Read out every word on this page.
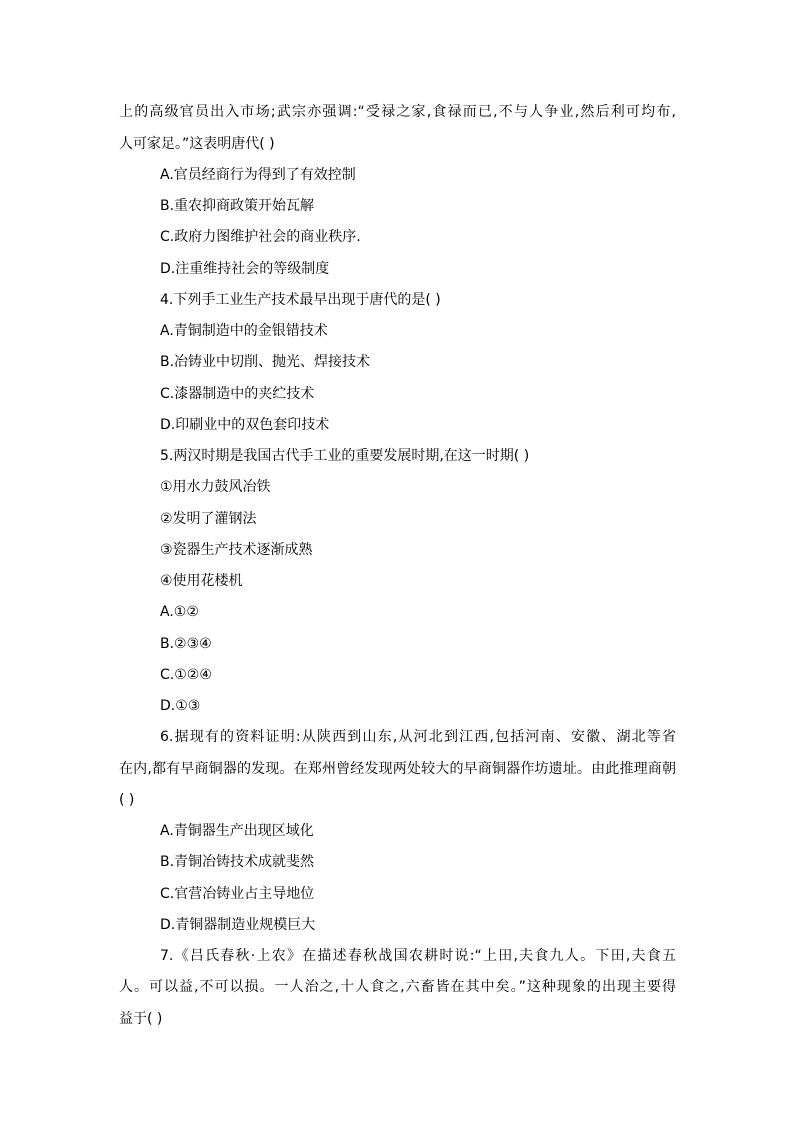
上的高级官员出入市场;武宗亦强调:“受禄之家,食禄而已,不与人争业,然后利可均布,
人可家足。”这表明唐代( )
A.官员经商行为得到了有效控制
B.重农抑商政策开始瓦解
C.政府力图维护社会的商业秩序.
D.注重维持社会的等级制度
4.下列手工业生产技术最早出现于唐代的是( )
A.青铜制造中的金银错技术
B.冶铸业中切削、抛光、焊接技术
C.漆器制造中的夹纻技术
D.印刷业中的双色套印技术
5.两汉时期是我国古代手工业的重要发展时期,在这一时期( )
①用水力鼓风冶铁
②发明了灌钢法
③瓷器生产技术逐渐成熟
④使用花楼机
A.①②
B.②③④
C.①②④
D.①③
6.据现有的资料证明:从陕西到山东,从河北到江西,包括河南、安徽、湖北等省
在内,都有早商铜器的发现。在郑州曾经发现两处较大的早商铜器作坊遗址。由此推理商朝
( )
A.青铜器生产出现区域化
B.青铜冶铸技术成就斐然
C.官营冶铸业占主导地位
D.青铜器制造业规模巨大
7.《吕氏春秋·上农》在描述春秋战国农耕时说:“上田,夫食九人。下田,夫食五
人。可以益,不可以损。一人治之,十人食之,六畜皆在其中矣。”这种现象的出现主要得
益于( )
